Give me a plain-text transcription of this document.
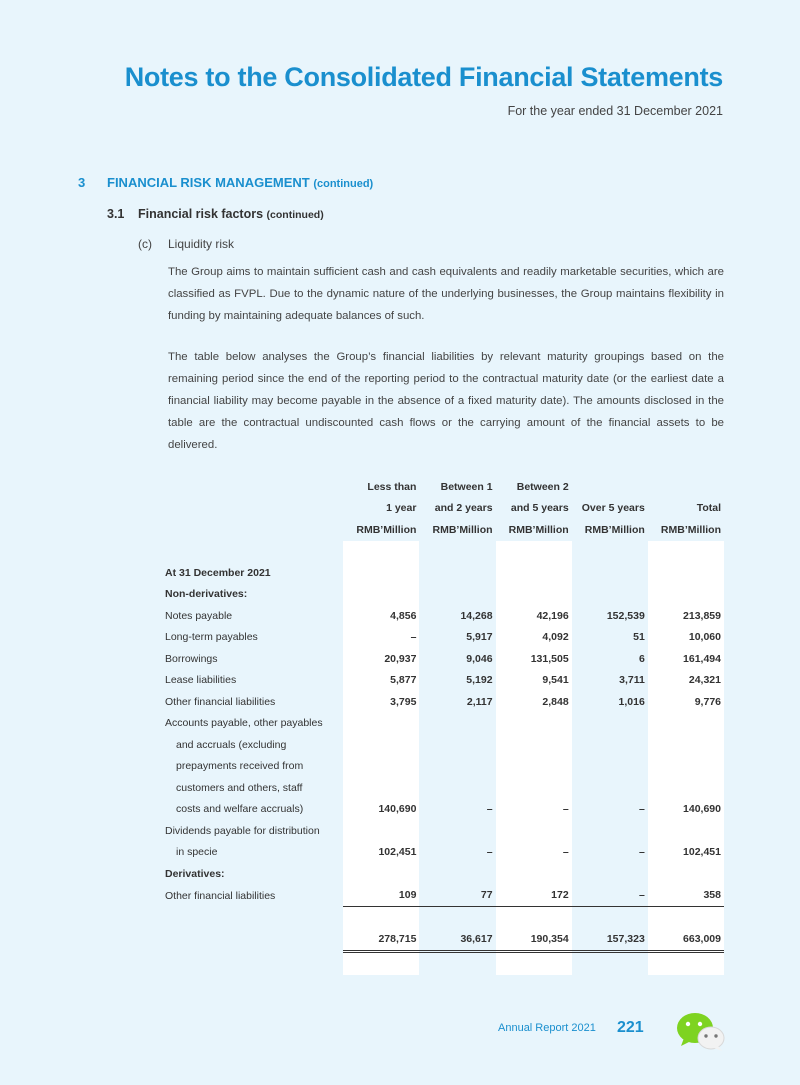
Notes to the Consolidated Financial Statements
For the year ended 31 December 2021
3 FINANCIAL RISK MANAGEMENT (continued)
3.1 Financial risk factors (continued)
(c) Liquidity risk
The Group aims to maintain sufficient cash and cash equivalents and readily marketable securities, which are classified as FVPL. Due to the dynamic nature of the underlying businesses, the Group maintains flexibility in funding by maintaining adequate balances of such.
The table below analyses the Group’s financial liabilities by relevant maturity groupings based on the remaining period since the end of the reporting period to the contractual maturity date (or the earliest date a financial liability may become payable in the absence of a fixed maturity date). The amounts disclosed in the table are the contractual undiscounted cash flows or the carrying amount of the financial assets to be delivered.
	Less than	Between 1	Between 2		
	1 year	and 2 years	and 5 years	Over 5 years	Total
	RMB’Million	RMB’Million	RMB’Million	RMB’Million	RMB’Million

At 31 December 2021					
Non-derivatives:					
Notes payable	4,856	14,268	42,196	152,539	213,859
Long-term payables	–	5,917	4,092	51	10,060
Borrowings	20,937	9,046	131,505	6	161,494
Lease liabilities	5,877	5,192	9,541	3,711	24,321
Other financial liabilities	3,795	2,117	2,848	1,016	9,776
Accounts payable, other payables					
and accruals (excluding					
prepayments received from					
customers and others, staff					
costs and welfare accruals)	140,690	–	–	–	140,690
Dividends payable for distribution					
in specie	102,451	–	–	–	102,451
Derivatives:					
Other financial liabilities	109	77	172	–	358

	278,715	36,617	190,354	157,323	663,009

Annual Report 2021 221
